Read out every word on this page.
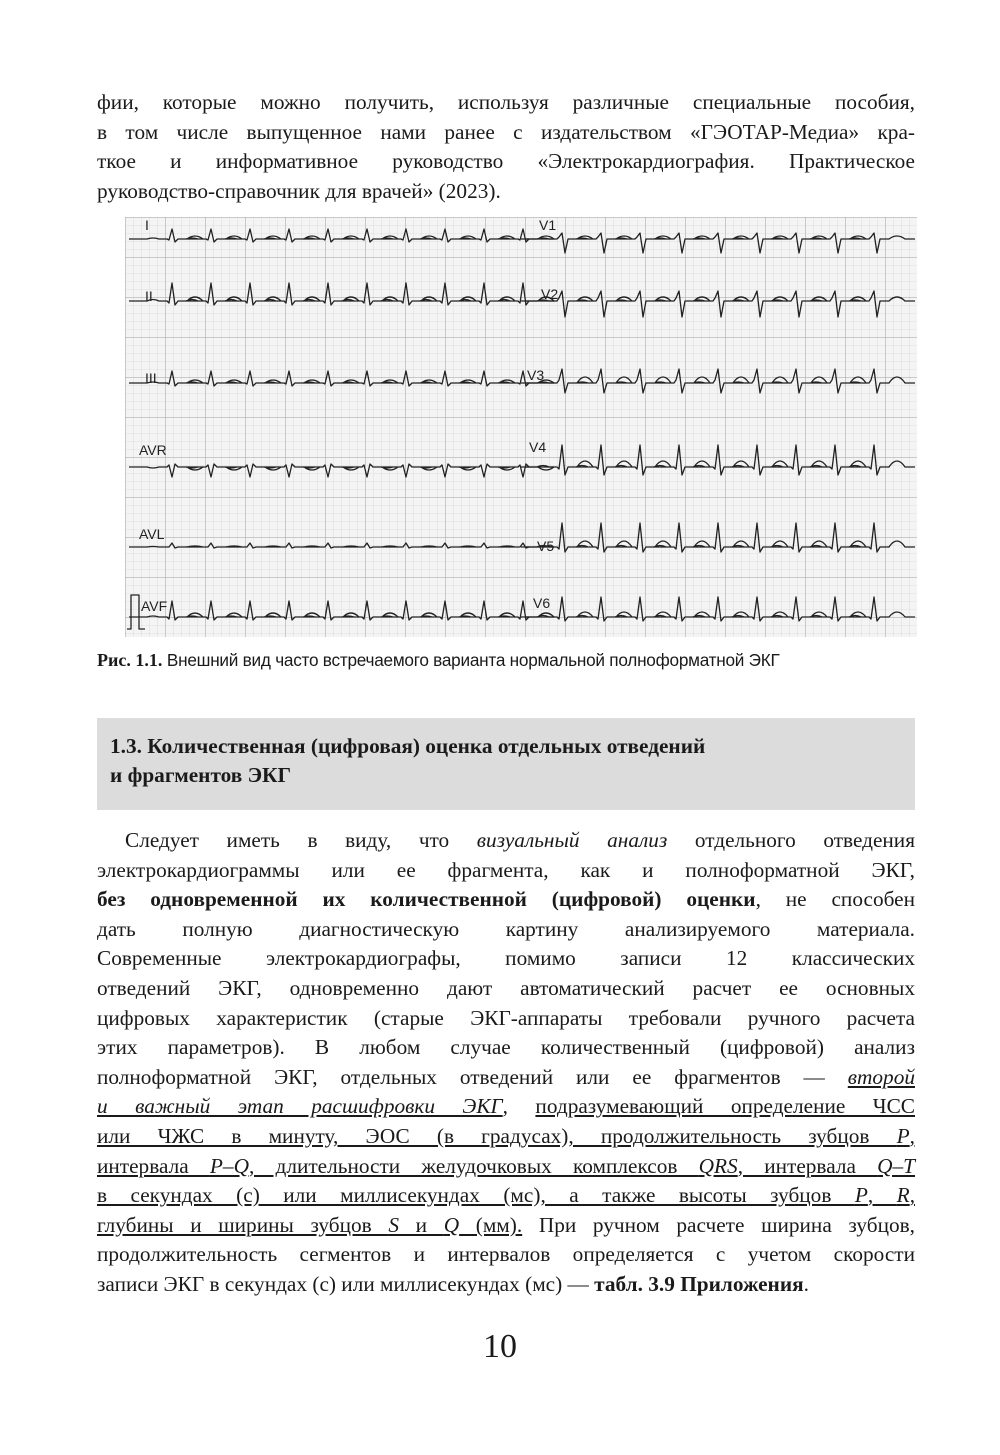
фии, которые можно получить, используя различные специальные пособия,
в том числе выпущенное нами ранее с издательством «ГЭОТАР-Медиа» кра-
ткое и информативное руководство «Электрокардиография. Практическое
руководство-справочник для врачей» (2023).
I
II
III
AVR
AVL
AVF
V1
V2
V3
V4
V5
V6
Рис. 1.1. Внешний вид часто встречаемого варианта нормальной полноформатной ЭКГ
1.3. Количественная (цифровая) оценка отдельных отведений
и фрагментов ЭКГ
Следует иметь в виду, что визуальный анализ отдельного отведения
электрокардиограммы или ее фрагмента, как и полноформатной ЭКГ,
без одновременной их количественной (цифровой) оценки, не способен
дать полную диагностическую картину анализируемого материала.
Современные электрокардиографы, помимо записи 12 классических
отведений ЭКГ, одновременно дают автоматический расчет ее основных
цифровых характеристик (старые ЭКГ-аппараты требовали ручного расчета
этих параметров). В любом случае количественный (цифровой) анализ
полноформатной ЭКГ, отдельных отведений или ее фрагментов — второй
и важный этап расшифровки ЭКГ, подразумевающий определение ЧСС
или ЧЖС в минуту, ЭОС (в градусах), продолжительность зубцов P,
интервала P–Q, длительности желудочковых комплексов QRS, интервала Q–T
в секундах (с) или миллисекундах (мс), а также высоты зубцов P, R,
глубины и ширины зубцов S и Q (мм). При ручном расчете ширина зубцов,
продолжительность сегментов и интервалов определяется с учетом скорости
записи ЭКГ в секундах (с) или миллисекундах (мс) — табл. 3.9 Приложения.
10
